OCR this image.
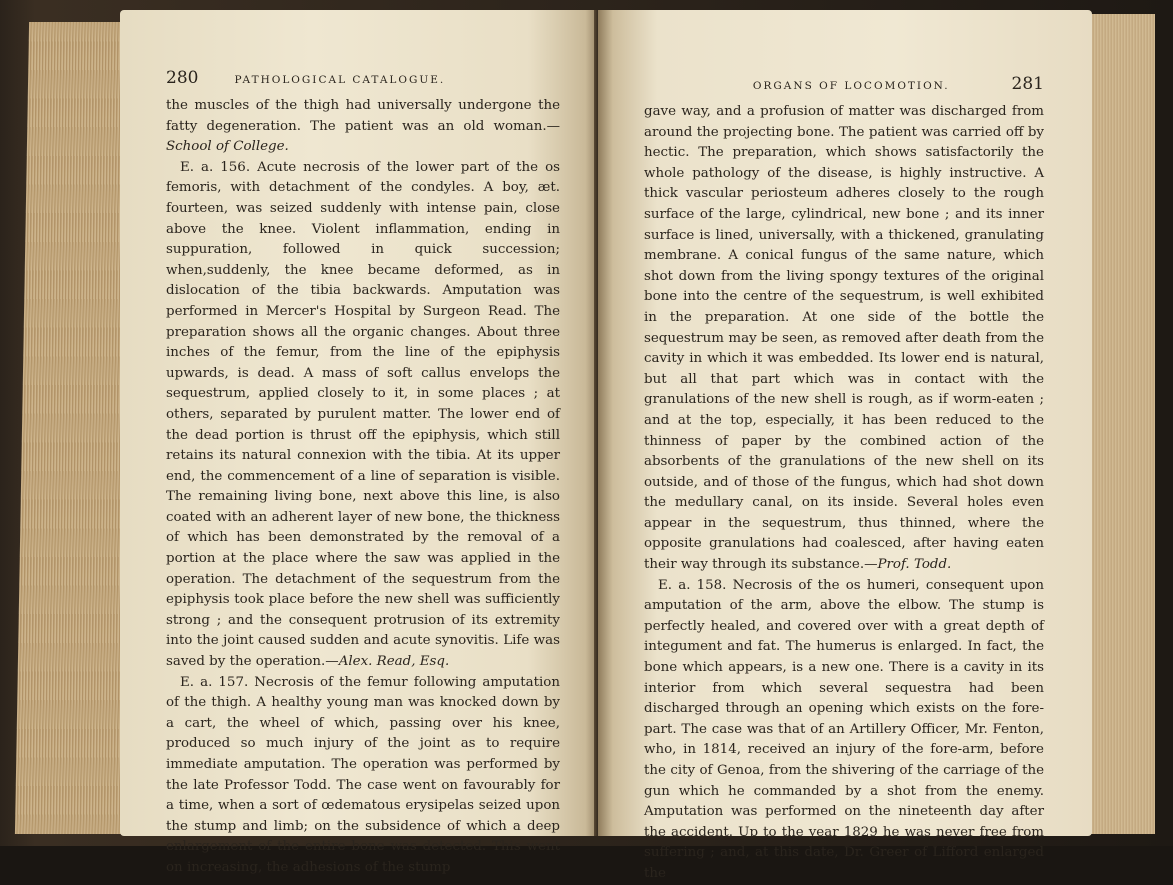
280	PATHOLOGICAL CATALOGUE.

the muscles of the thigh had universally undergone the fatty degeneration. The patient was an old woman.—School of College.

E. a. 156. Acute necrosis of the lower part of the os femoris, with detachment of the condyles. A boy, æt. fourteen, was seized suddenly with intense pain, close above the knee. Violent inflammation, ending in suppuration, followed in quick succession; when,suddenly, the knee became deformed, as in dislocation of the tibia backwards. Amputation was performed in Mercer's Hospital by Surgeon Read. The preparation shows all the organic changes. About three inches of the femur, from the line of the epiphysis upwards, is dead. A mass of soft callus envelops the sequestrum, applied closely to it, in some places ; at others, separated by purulent matter. The lower end of the dead portion is thrust off the epiphysis, which still retains its natural connexion with the tibia. At its upper end, the commencement of a line of separation is visible. The remaining living bone, next above this line, is also coated with an adherent layer of new bone, the thickness of which has been demonstrated by the removal of a portion at the place where the saw was applied in the operation. The detachment of the sequestrum from the epiphysis took place before the new shell was sufficiently strong ; and the consequent protrusion of its extremity into the joint caused sudden and acute synovitis. Life was saved by the operation.—Alex. Read, Esq.

E. a. 157. Necrosis of the femur following amputation of the thigh. A healthy young man was knocked down by a cart, the wheel of which, passing over his knee, produced so much injury of the joint as to require immediate amputation. The operation was performed by the late Professor Todd. The case went on favourably for a time, when a sort of œdematous erysipelas seized upon the stump and limb; on the subsidence of which a deep enlargement of the entire bone was detected. This went on increasing, the adhesions of the stump

ORGANS OF LOCOMOTION.	281

gave way, and a profusion of matter was discharged from around the projecting bone. The patient was carried off by hectic. The preparation, which shows satisfactorily the whole pathology of the disease, is highly instructive. A thick vascular periosteum adheres closely to the rough surface of the large, cylindrical, new bone ; and its inner surface is lined, universally, with a thickened, granulating membrane. A conical fungus of the same nature, which shot down from the living spongy textures of the original bone into the centre of the sequestrum, is well exhibited in the preparation. At one side of the bottle the sequestrum may be seen, as removed after death from the cavity in which it was embedded. Its lower end is natural, but all that part which was in contact with the granulations of the new shell is rough, as if worm-eaten ; and at the top, especially, it has been reduced to the thinness of paper by the combined action of the absorbents of the granulations of the new shell on its outside, and of those of the fungus, which had shot down the medullary canal, on its inside. Several holes even appear in the sequestrum, thus thinned, where the opposite granulations had coalesced, after having eaten their way through its substance.—Prof. Todd.

E. a. 158. Necrosis of the os humeri, consequent upon amputation of the arm, above the elbow. The stump is perfectly healed, and covered over with a great depth of integument and fat. The humerus is enlarged. In fact, the bone which appears, is a new one. There is a cavity in its interior from which several sequestra had been discharged through an opening which exists on the fore-part. The case was that of an Artillery Officer, Mr. Fenton, who, in 1814, received an injury of the fore-arm, before the city of Genoa, from the shivering of the carriage of the gun which he commanded by a shot from the enemy. Amputation was performed on the nineteenth day after the accident. Up to the year 1829 he was never free from suffering ; and, at this date, Dr. Greer of Lifford enlarged the
